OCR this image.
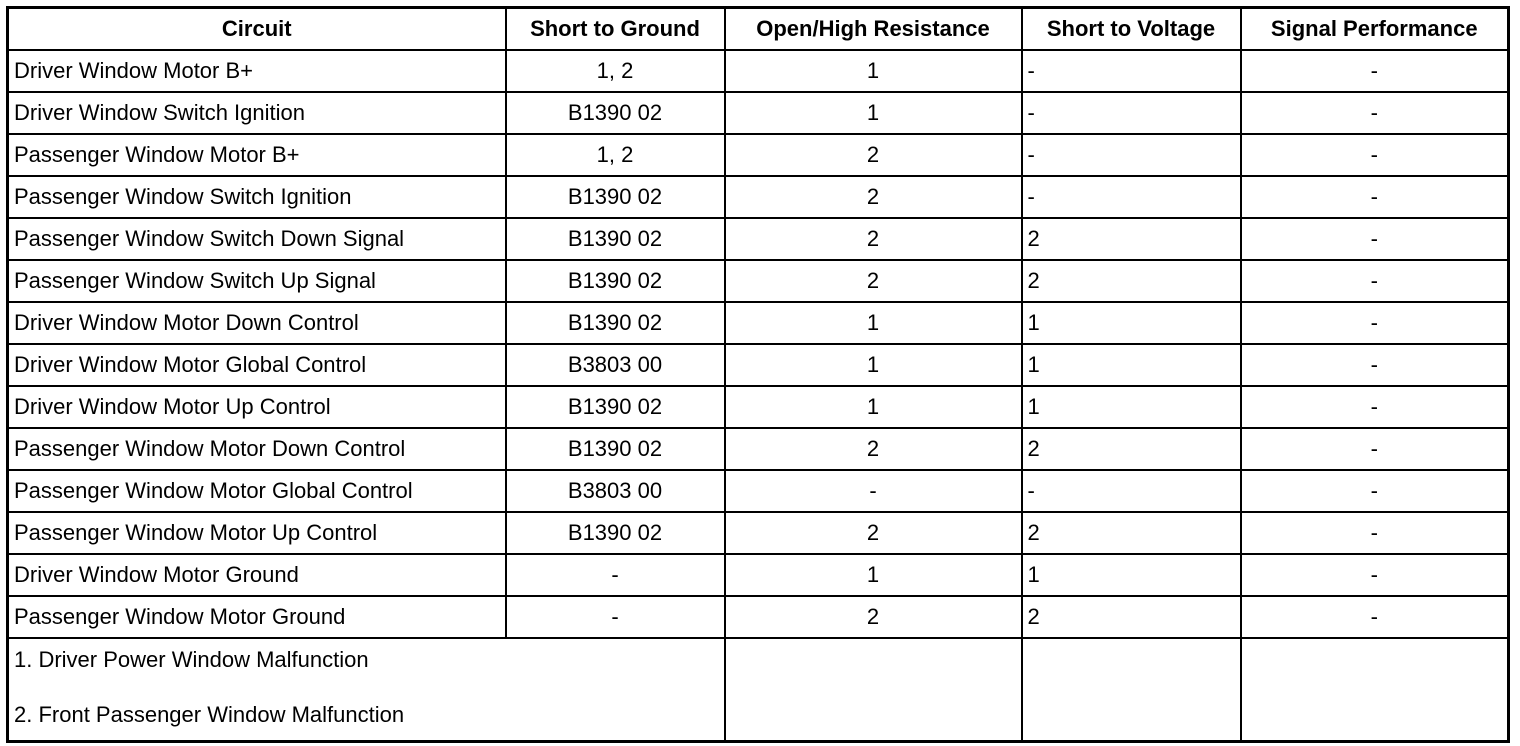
Circuit	Short to Ground	Open/High Resistance	Short to Voltage	Signal Performance
Driver Window Motor B+	1, 2	1	-	-
Driver Window Switch Ignition	B1390 02	1	-	-
Passenger Window Motor B+	1, 2	2	-	-
Passenger Window Switch Ignition	B1390 02	2	-	-
Passenger Window Switch Down Signal	B1390 02	2	2	-
Passenger Window Switch Up Signal	B1390 02	2	2	-
Driver Window Motor Down Control	B1390 02	1	1	-
Driver Window Motor Global Control	B3803 00	1	1	-
Driver Window Motor Up Control	B1390 02	1	1	-
Passenger Window Motor Down Control	B1390 02	2	2	-
Passenger Window Motor Global Control	B3803 00	-	-	-
Passenger Window Motor Up Control	B1390 02	2	2	-
Driver Window Motor Ground	-	1	1	-
Passenger Window Motor Ground	-	2	2	-

1. Driver Power Window Malfunction
2. Front Passenger Window Malfunction				
